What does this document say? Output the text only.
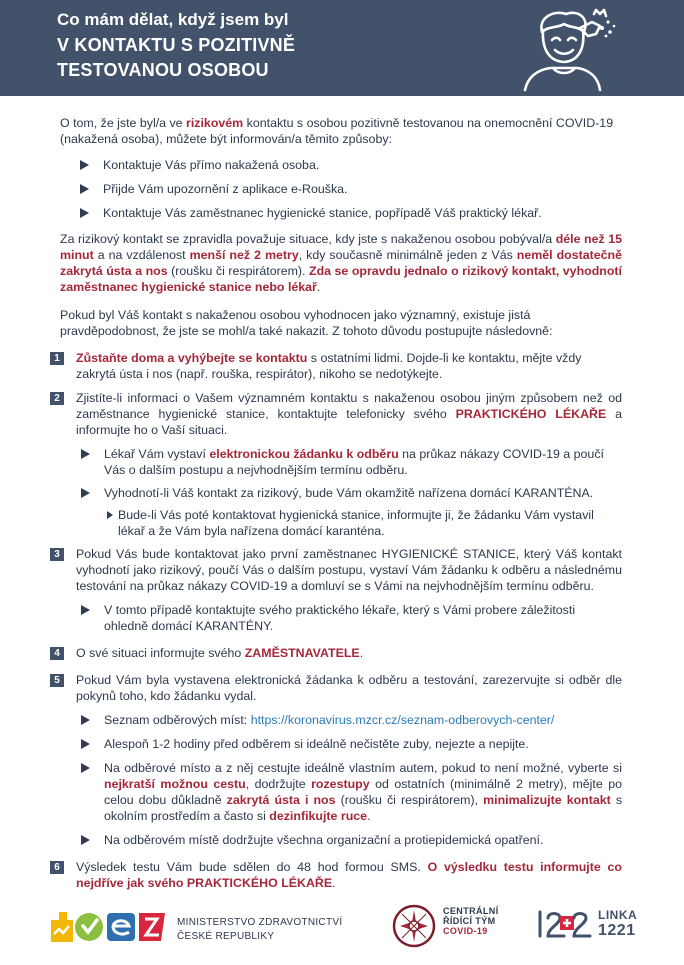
Co mám dělat, když jsem byl
V KONTAKTU S POZITIVNĚ
TESTOVANOU OSOBOU

O tom, že jste byl/a ve rizikovém kontaktu s osobou pozitivně testovanou na onemocnění COVID-19 (nakažená osoba), můžete být informován/a těmito způsoby:

Kontaktuje Vás přímo nakažená osoba.
Přijde Vám upozornění z aplikace e-Rouška.
Kontaktuje Vás zaměstnanec hygienické stanice, popřípadě Váš praktický lékař.

Za rizikový kontakt se zpravidla považuje situace, kdy jste s nakaženou osobou pobýval/a déle než 15 minut a na vzdálenost menší než 2 metry, kdy současně minimálně jeden z Vás neměl dostatečně zakrytá ústa a nos (roušku či respirátorem). Zda se opravdu jednalo o rizikový kontakt, vyhodnotí zaměstnanec hygienické stanice nebo lékař.

Pokud byl Váš kontakt s nakaženou osobou vyhodnocen jako významný, existuje jistá pravděpodobnost, že jste se mohl/a také nakazit. Z tohoto důvodu postupujte následovně:

1	Zůstaňte doma a vyhýbejte se kontaktu s ostatními lidmi. Dojde-li ke kontaktu, mějte vždy zakrytá ústa i nos (např. rouška, respirátor), nikoho se nedotýkejte.
2	Zjistíte-li informaci o Vašem významném kontaktu s nakaženou osobou jiným způsobem než od zaměstnance hygienické stanice, kontaktujte telefonicky svého PRAKTICKÉHO LÉKAŘE a informujte ho o Vaší situaci.
Lékař Vám vystaví elektronickou žádanku k odběru na průkaz nákazy COVID-19 a poučí Vás o dalším postupu a nejvhodnějším termínu odběru.
Vyhodnotí-li Váš kontakt za rizikový, bude Vám okamžitě nařízena domácí KARANTÉNA.
Bude-li Vás poté kontaktovat hygienická stanice, informujte ji, že žádanku Vám vystavil lékař a že Vám byla nařízena domácí karanténa.
3	Pokud Vás bude kontaktovat jako první zaměstnanec HYGIENICKÉ STANICE, který Váš kontakt vyhodnotí jako rizikový, poučí Vás o dalším postupu, vystaví Vám žádanku k odběru a následnému testování na průkaz nákazy COVID-19 a domluví se s Vámi na nejvhodnějším termínu odběru.
V tomto případě kontaktujte svého praktického lékaře, který s Vámi probere záležitosti ohledně domácí KARANTÉNY.
4	O své situaci informujte svého ZAMĚSTNAVATELE.
5	Pokud Vám byla vystavena elektronická žádanka k odběru a testování, zarezervujte si odběr dle pokynů toho, kdo žádanku vydal.
Seznam odběrových míst: https://koronavirus.mzcr.cz/seznam-odberovych-center/
Alespoň 1-2 hodiny před odběrem si ideálně nečistěte zuby, nejezte a nepijte.
Na odběrové místo a z něj cestujte ideálně vlastním autem, pokud to není možné, vyberte si nejkratší možnou cestu, dodržujte rozestupy od ostatních (minimálně 2 metry), mějte po celou dobu důkladně zakrytá ústa i nos (roušku či respirátorem), minimalizujte kontakt s okolním prostředím a často si dezinfikujte ruce.
Na odběrovém místě dodržujte všechna organizační a protiepidemická opatření.
6	Výsledek testu Vám bude sdělen do 48 hod formou SMS. O výsledku testu informujte co nejdříve jak svého PRAKTICKÉHO LÉKAŘE.
MINISTERSTVO ZDRAVOTNICTVÍ
ČESKÉ REPUBLIKY
CENTRÁLNÍ
ŘÍDÍCÍ TÝM
COVID-19
LINKA
1221
